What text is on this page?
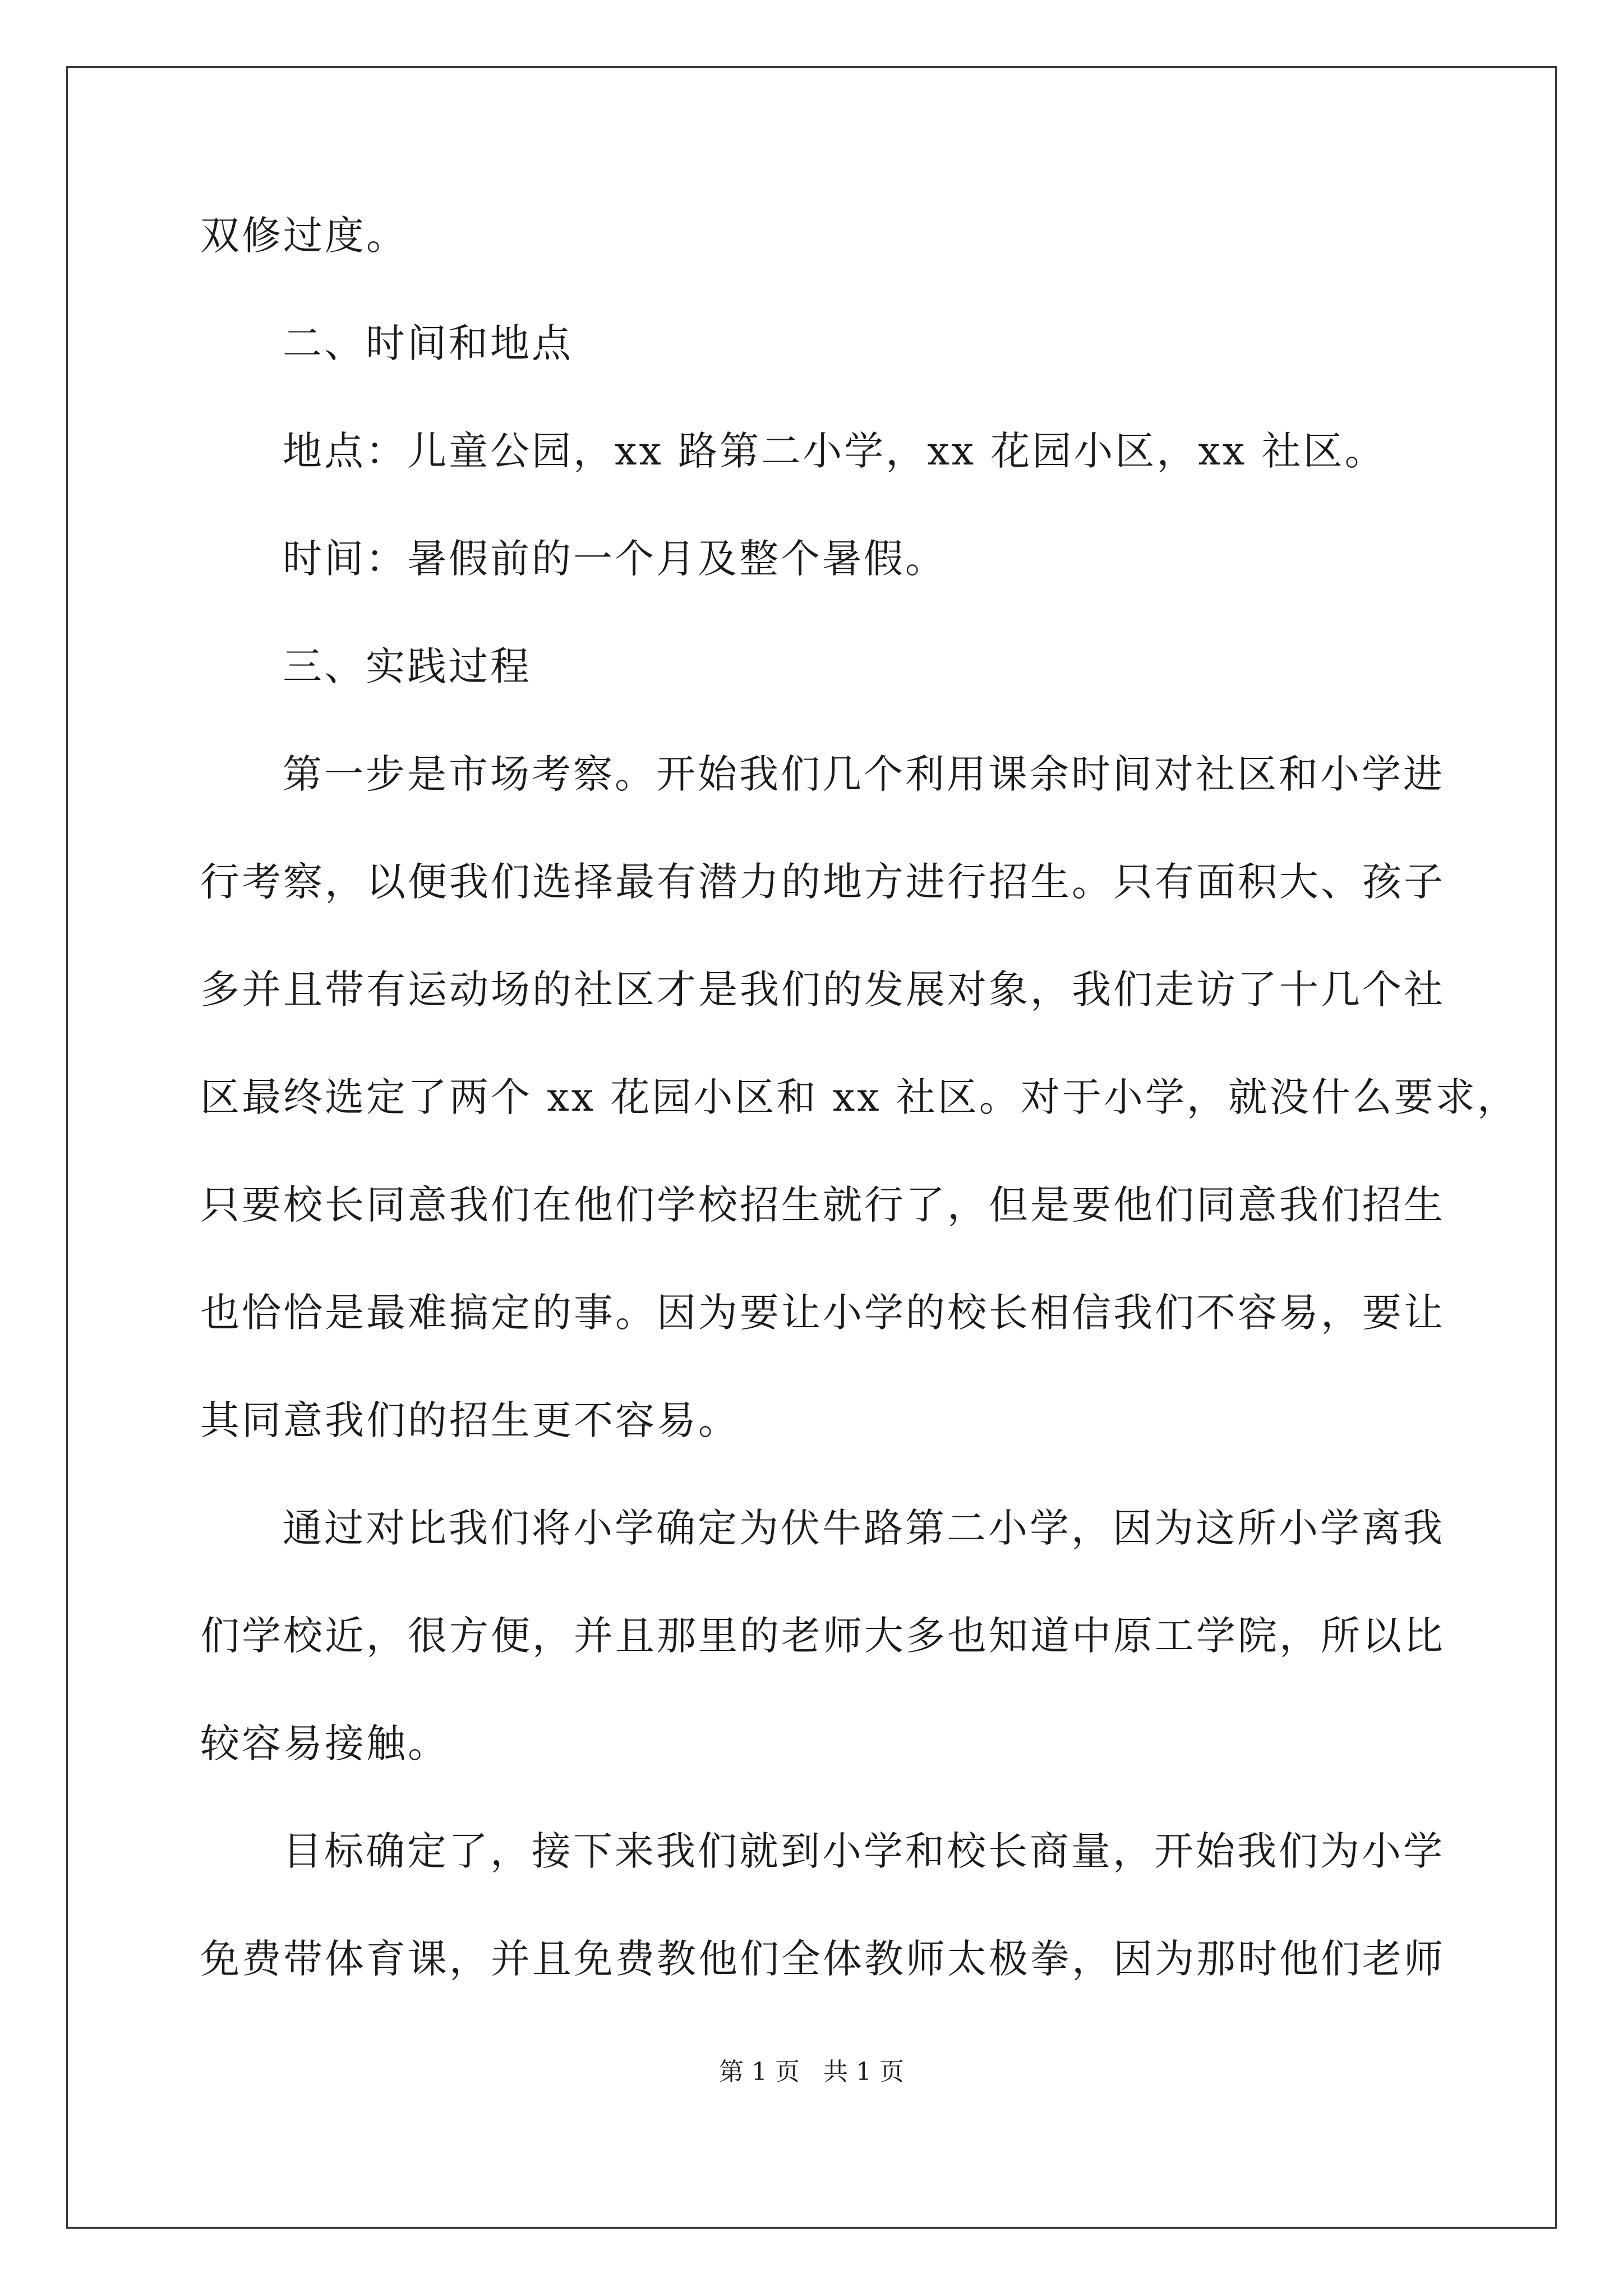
双修过度。
二、时间和地点
地点：儿童公园，xx 路第二小学，xx 花园小区，xx 社区。
时间：暑假前的一个月及整个暑假。
三、实践过程
第一步是市场考察。开始我们几个利用课余时间对社区和小学进
行考察，以便我们选择最有潜力的地方进行招生。只有面积大、孩子
多并且带有运动场的社区才是我们的发展对象，我们走访了十几个社
区最终选定了两个 xx 花园小区和 xx 社区。对于小学，就没什么要求，
只要校长同意我们在他们学校招生就行了，但是要他们同意我们招生
也恰恰是最难搞定的事。因为要让小学的校长相信我们不容易，要让
其同意我们的招生更不容易。
通过对比我们将小学确定为伏牛路第二小学，因为这所小学离我
们学校近，很方便，并且那里的老师大多也知道中原工学院，所以比
较容易接触。
目标确定了，接下来我们就到小学和校长商量，开始我们为小学
免费带体育课，并且免费教他们全体教师太极拳，因为那时他们老师
第 1 页   共 1 页
